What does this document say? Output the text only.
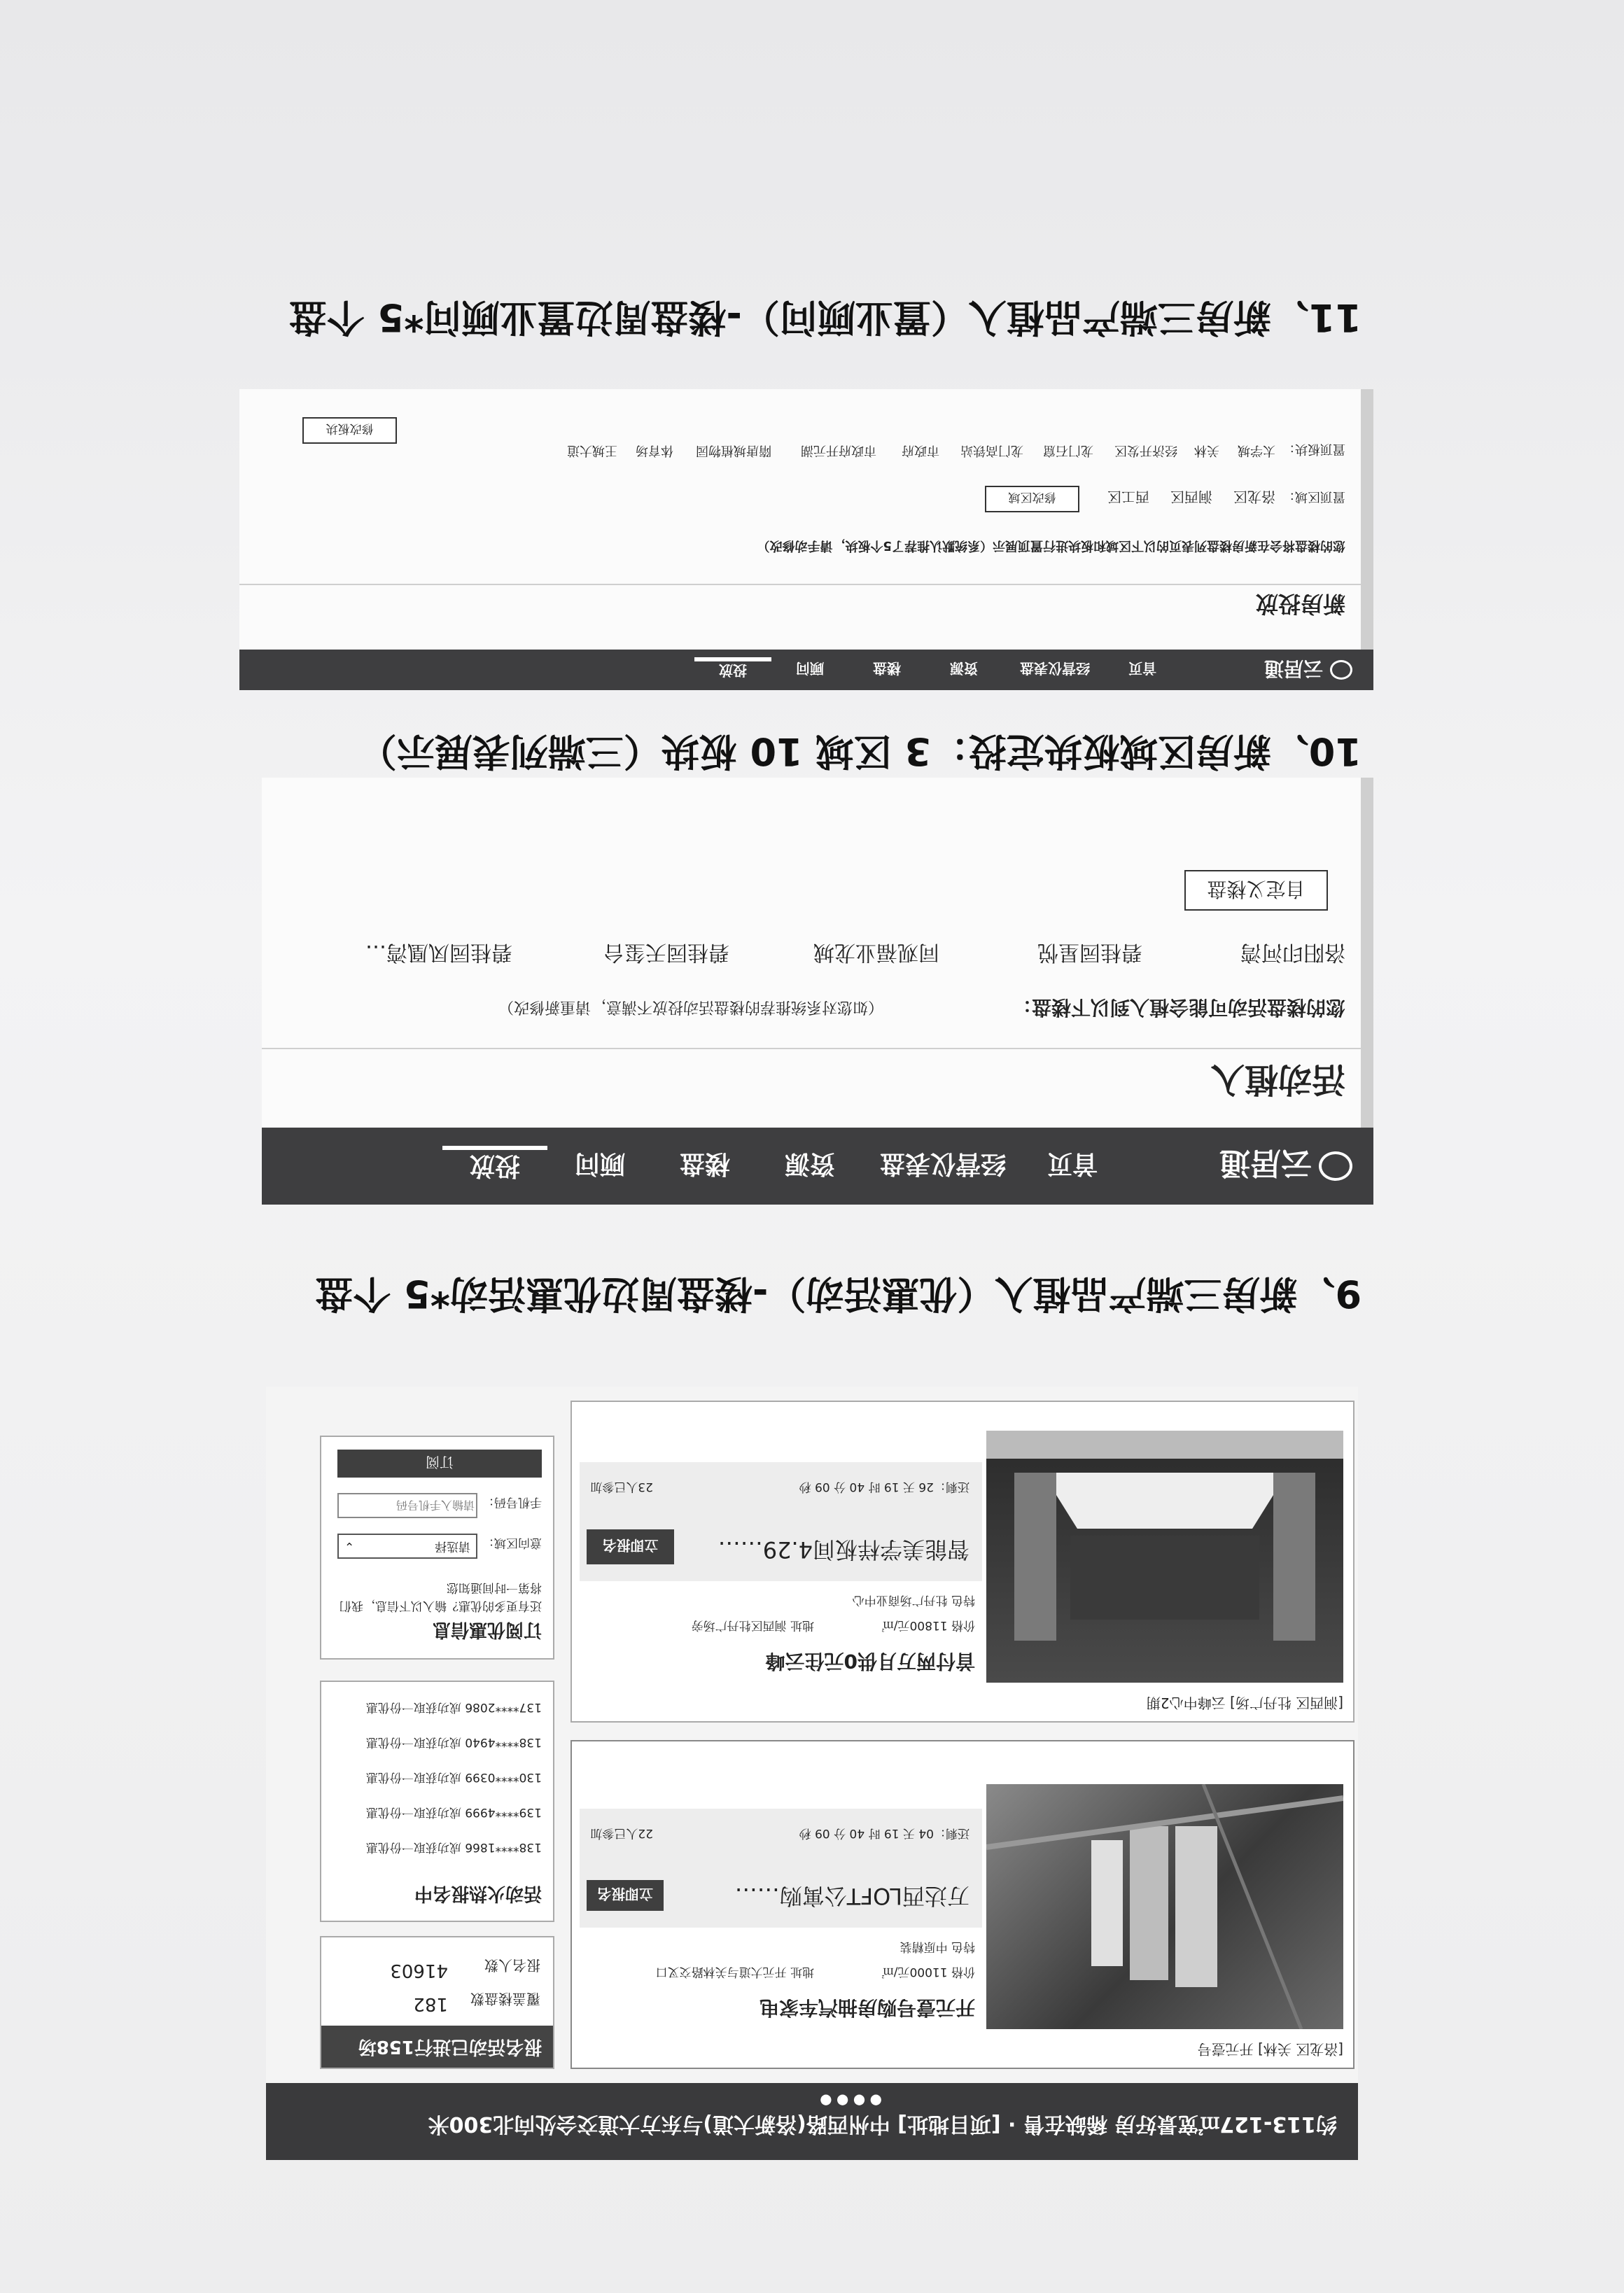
约113-127㎡宽景好房 稀缺在售 · [项目地址] 中州西路(洛新大道)与东方大道交会处向北300米
● ● ● ●
[洛龙区 关林] 开元壹号
开元壹号购房抽汽车家电
价格 11000元/㎡
地址 开元大道与关林路交叉口
特色 中原精装
万达西LOFT公寓购……
立即报名
还剩：04 天 19 时 40 分 09 秒
22人已参加
[涧西区 牡丹广场] 云峰中心2期
首付两万月供0元住云峰
价格 11800元/㎡
地址 涧西区牡丹广场旁
特色 牡丹广场商业中心
智能美学样板间4.29……
立即报名
还剩：26 天 19 时 40 分 09 秒
23人已参加
报名活动已进行158场
覆盖楼盘数
182
报名人数
41603
活动火热报名中
138****1866 成功获取一份优惠
139****4999 成功获取一份优惠
130****0399 成功获取一份优惠
138****4940 成功获取一份优惠
137****2086 成功获取一份优惠
订阅优惠信息
还有更多的优惠？输入以下信息，我们将第一时间通知您
意向区域：
请选择
⌄
手机号码：
请输入手机号码
订阅
9、新房三端产品植入（优惠活动）-楼盘周边优惠活动*5 个盘
云居通
首页
经营仪表盘
资源
楼盘
顾问
投放
活动植入
您的楼盘活动可能会植入到以下楼盘：
（如您对系统推荐的楼盘活动投放不满意，请重新修改）
洛阳印河湾
碧桂园星悦
同观福业龙城
碧桂园天玺台
碧桂园凤凰湾…
自定义楼盘
10、新房区域板块定投：3 区域 10 板块（三端列表展示）
云居通
首页
经营仪表盘
资源
楼盘
顾问
投放
新房投放
您的楼盘将会在新房楼盘列表页的以下区域和板块进行置顶展示（系统默认推荐了5个板块，请手动修改）
置顶区域：
洛龙区
涧西区
西工区
修改区域
置顶板块：
太学城
关林
经济开发区
龙门石窟
龙门高铁站
市政府
市政府开元湖
隋唐城植物园
体育场
王城大道
修改板块
11、新房三端产品植入（置业顾问）-楼盘周边置业顾问*5 个盘
